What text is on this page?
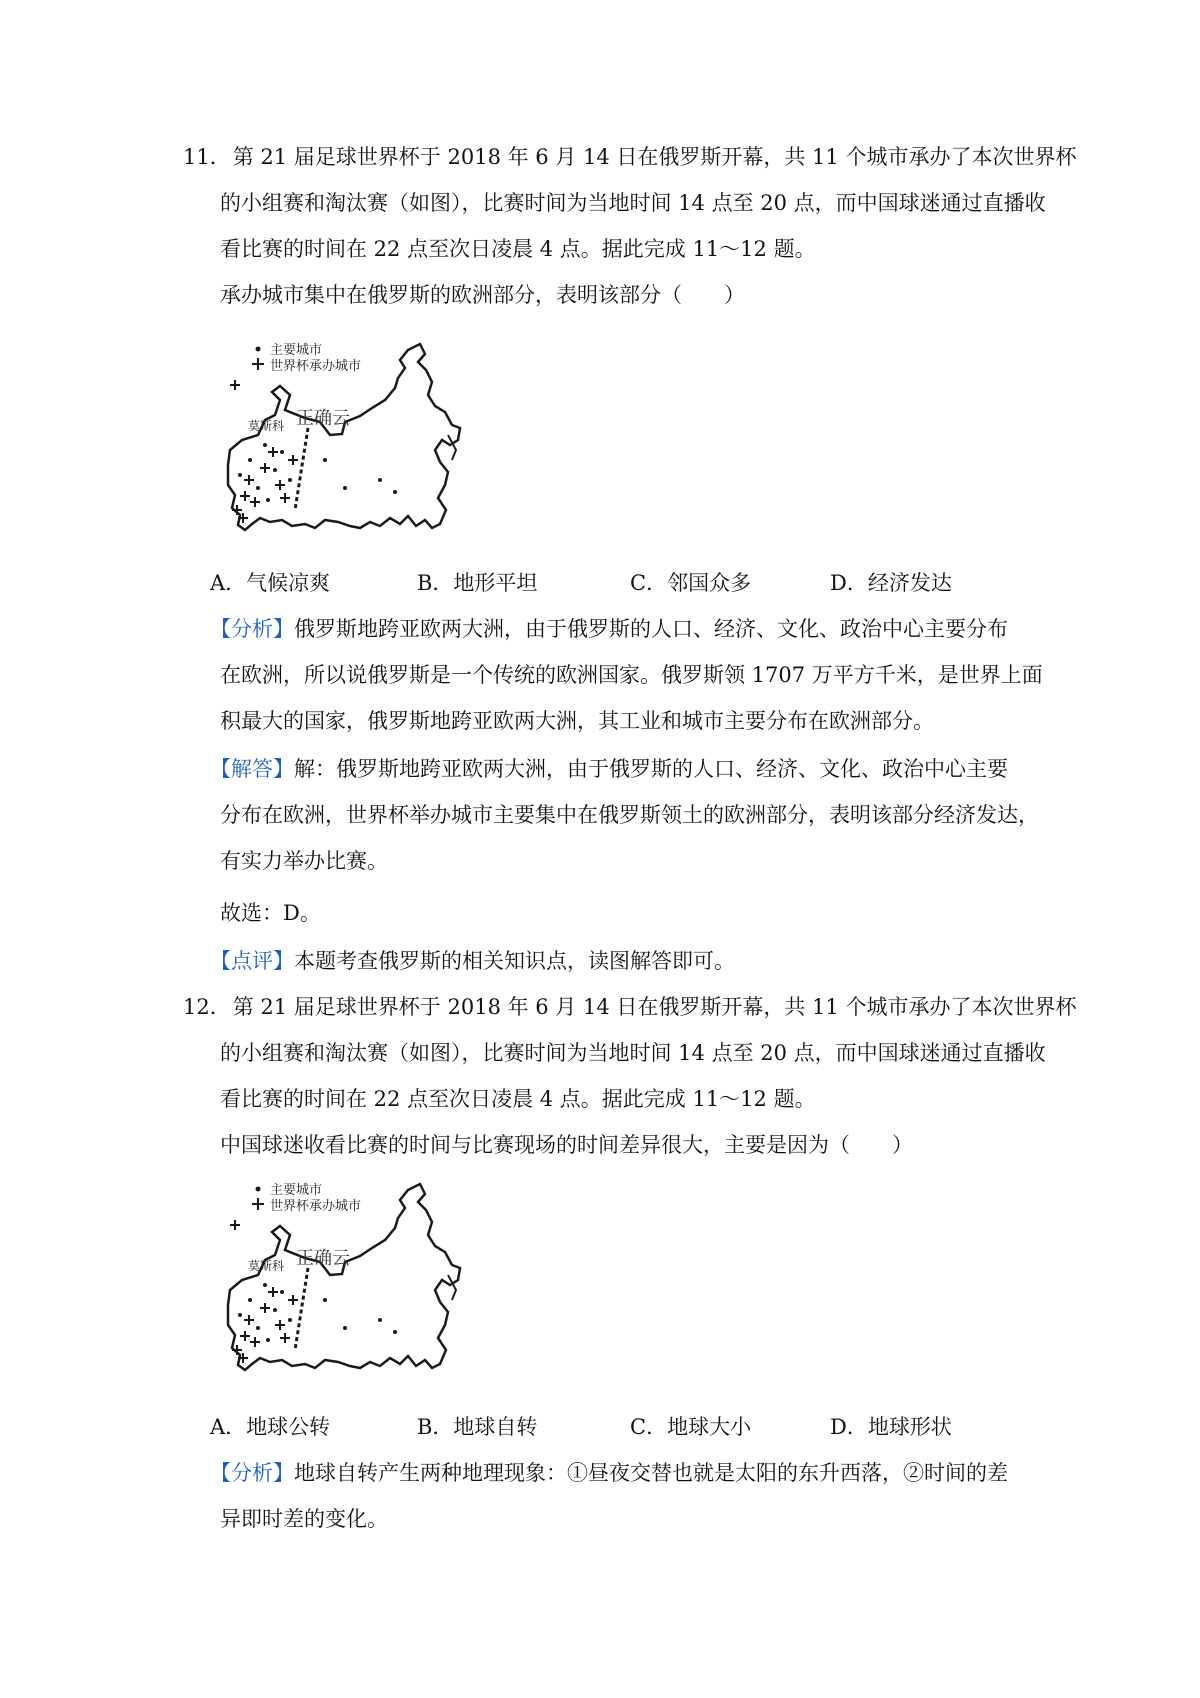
11．第 21 届足球世界杯于 2018 年 6 月 14 日在俄罗斯开幕，共 11 个城市承办了本次世界杯
的小组赛和淘汰赛（如图），比赛时间为当地时间 14 点至 20 点，而中国球迷通过直播收
看比赛的时间在 22 点至次日凌晨 4 点。据此完成 11～12 题。
承办城市集中在俄罗斯的欧洲部分，表明该部分（　　）
主要城市
世界杯承办城市
莫斯科 正确云
A．气候凉爽	B．地形平坦	C．邻国众多	D．经济发达
【分析】俄罗斯地跨亚欧两大洲，由于俄罗斯的人口、经济、文化、政治中心主要分布
在欧洲，所以说俄罗斯是一个传统的欧洲国家。俄罗斯领 1707 万平方千米，是世界上面
积最大的国家，俄罗斯地跨亚欧两大洲，其工业和城市主要分布在欧洲部分。
【解答】解：俄罗斯地跨亚欧两大洲，由于俄罗斯的人口、经济、文化、政治中心主要
分布在欧洲，世界杯举办城市主要集中在俄罗斯领土的欧洲部分，表明该部分经济发达，
有实力举办比赛。
故选：D。
【点评】本题考查俄罗斯的相关知识点，读图解答即可。
12．第 21 届足球世界杯于 2018 年 6 月 14 日在俄罗斯开幕，共 11 个城市承办了本次世界杯
的小组赛和淘汰赛（如图），比赛时间为当地时间 14 点至 20 点，而中国球迷通过直播收
看比赛的时间在 22 点至次日凌晨 4 点。据此完成 11～12 题。
中国球迷收看比赛的时间与比赛现场的时间差异很大，主要是因为（　　）
主要城市
世界杯承办城市
莫斯科 正确云
A．地球公转	B．地球自转	C．地球大小	D．地球形状
【分析】地球自转产生两种地理现象：①昼夜交替也就是太阳的东升西落，②时间的差
异即时差的变化。
